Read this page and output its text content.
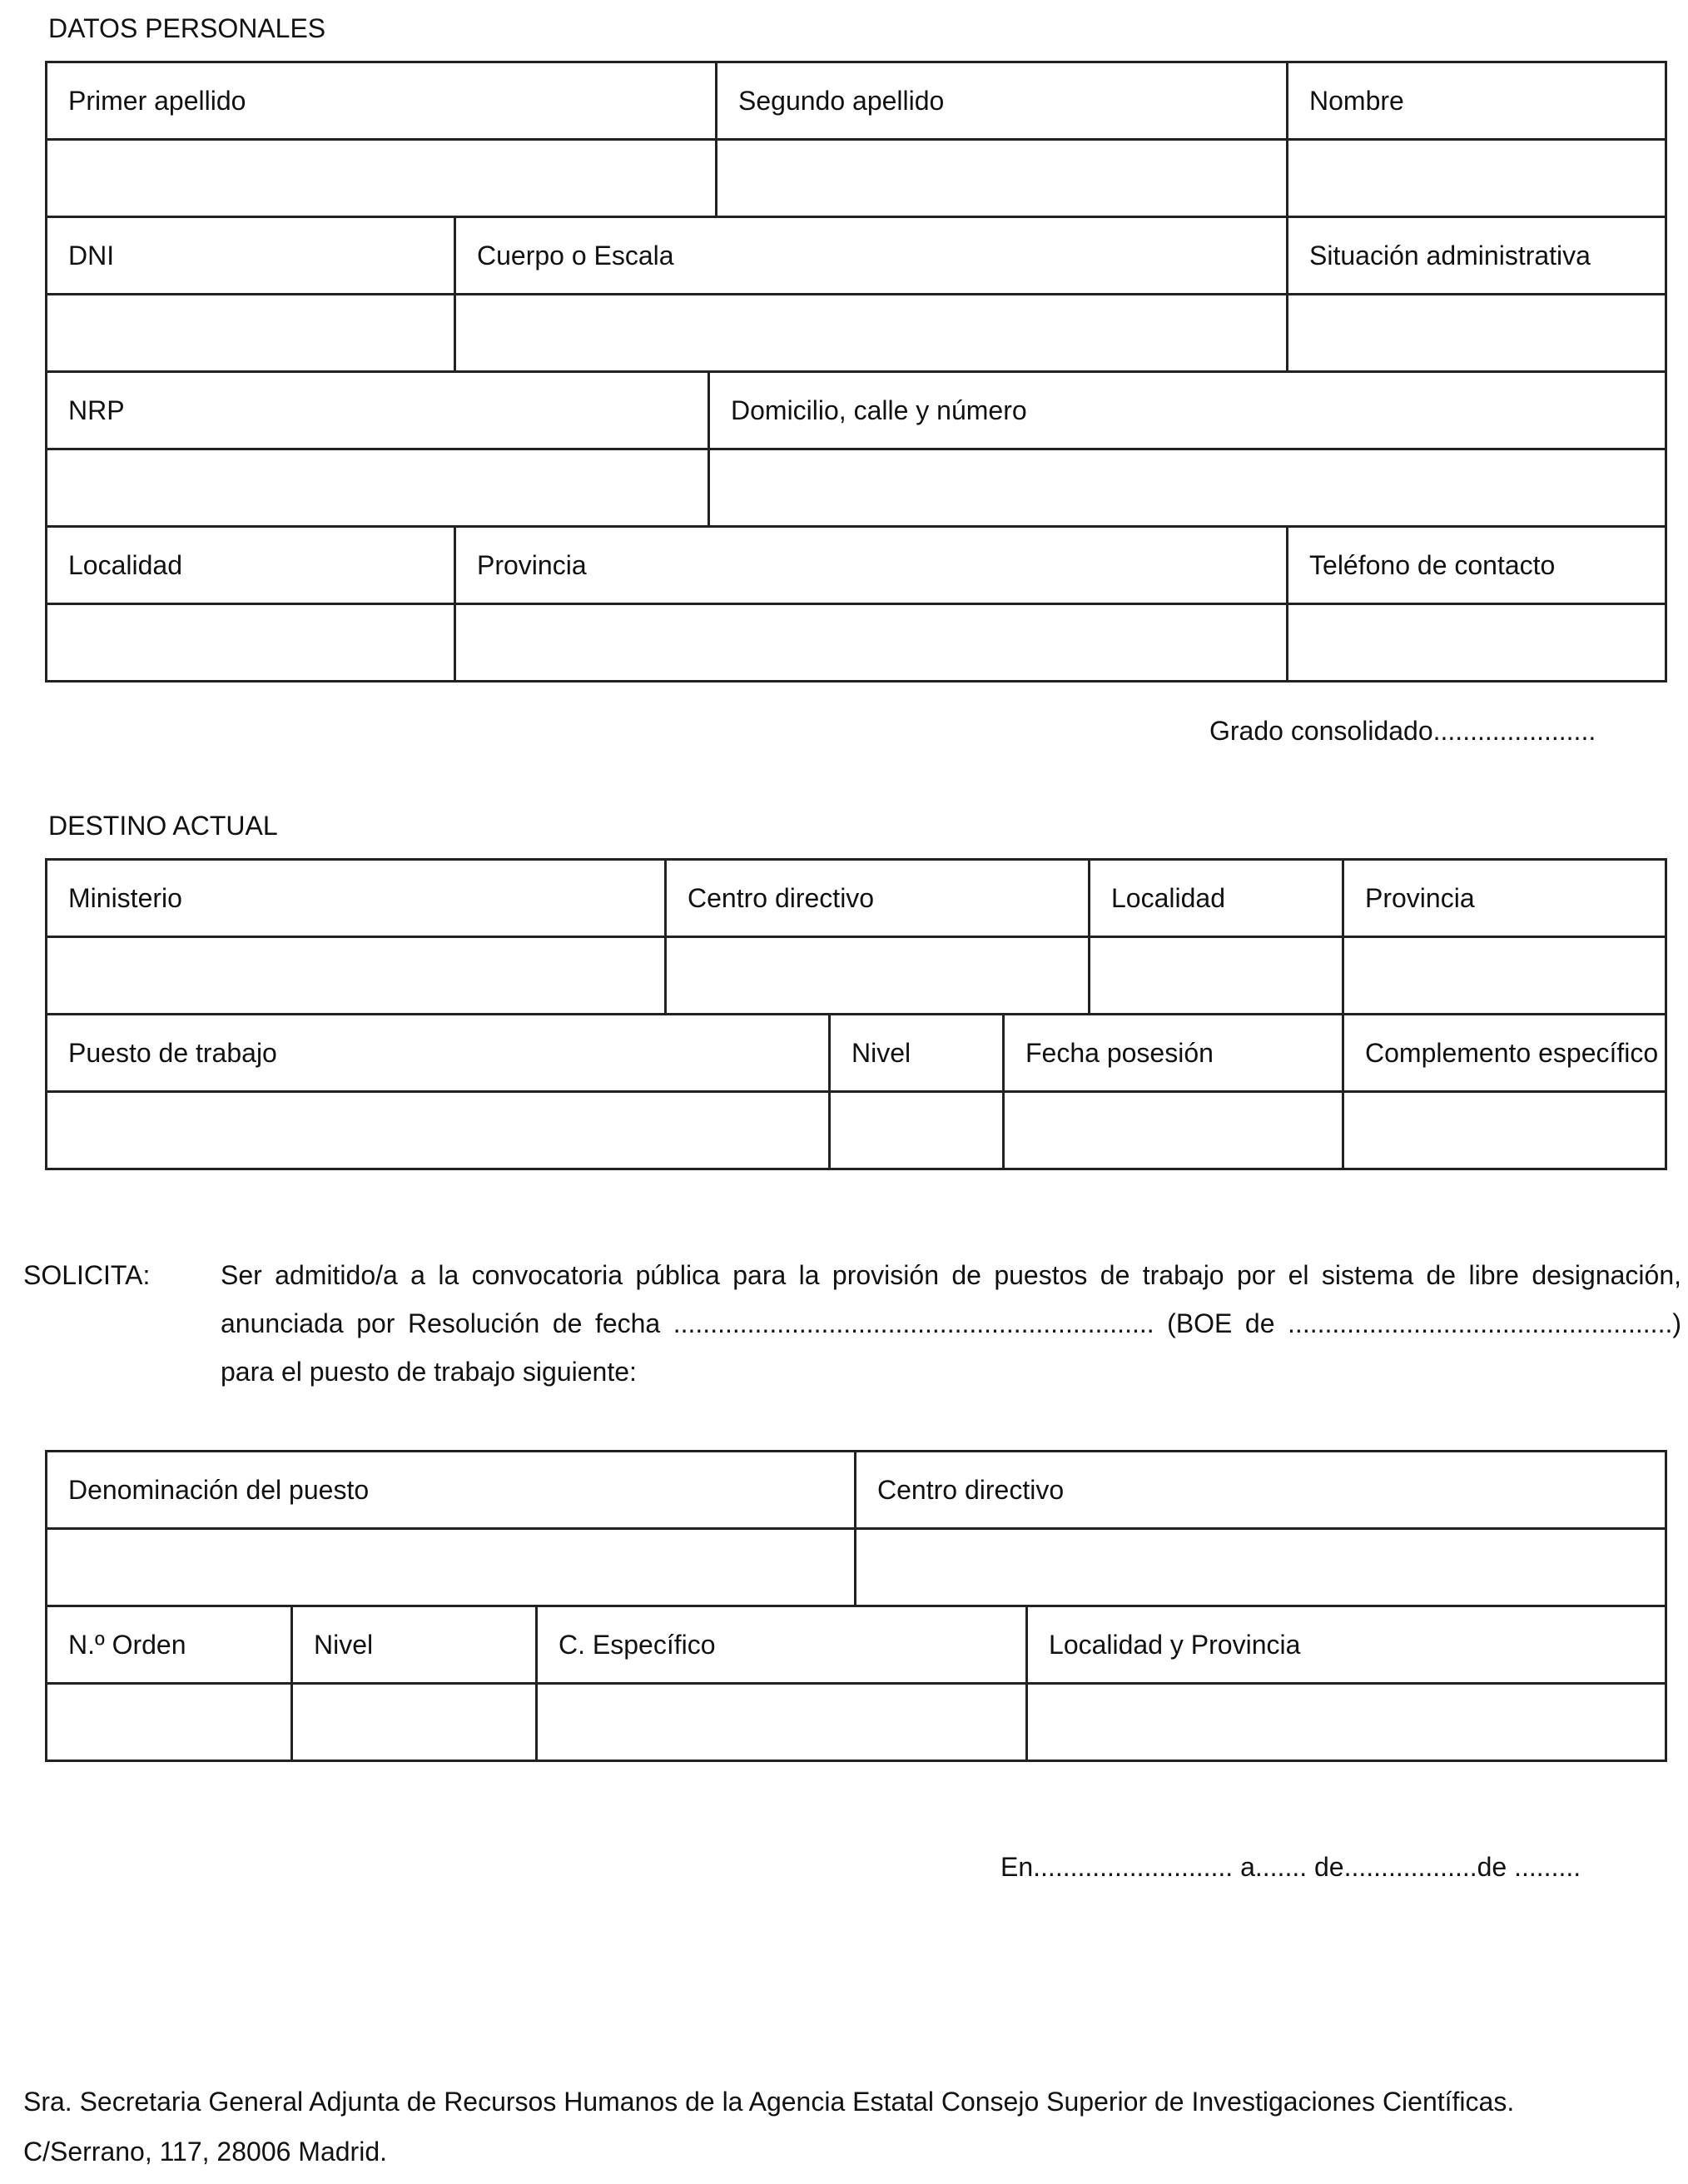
DATOS PERSONALES
Primer apellido			Segundo apellido	Nombre

DNI	Cuerpo o Escala			Situación administrativa

NRP		Domicilio, calle y número		

Localidad	Provincia			Teléfono de contacto

Grado consolidado......................
DESTINO ACTUAL
Ministerio	Centro directivo			Localidad	Provincia

Puesto de trabajo		Nivel	Fecha posesión		Complemento específico

SOLICITA:	Ser admitido/a a la convocatoria pública para la provisión de puestos de trabajo por el sistema de libre designación,
anunciada por Resolución de fecha ................................................................. (BOE de ....................................................)
para el puesto de trabajo siguiente:
Denominación del puesto			Centro directivo	

N.º Orden	Nivel	C. Específico		Localidad y Provincia

En........................... a....... de..................de .........
Sra. Secretaria General Adjunta de Recursos Humanos de la Agencia Estatal Consejo Superior de Investigaciones Científicas.
C/Serrano, 117, 28006 Madrid.
